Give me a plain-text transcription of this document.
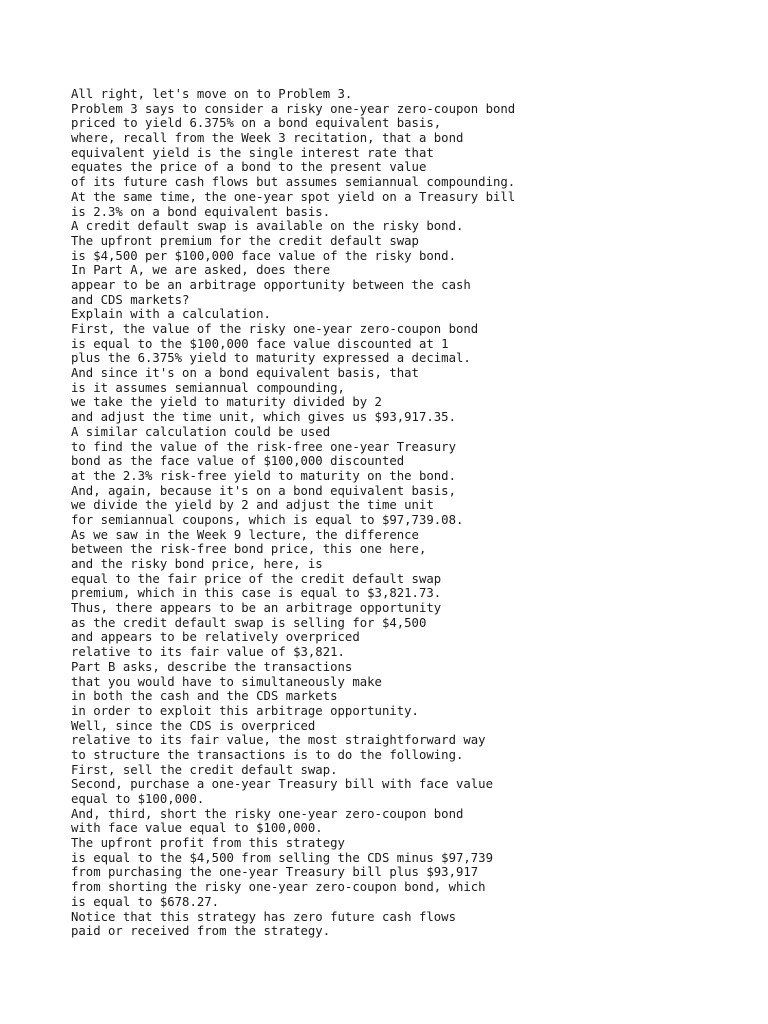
All right, let's move on to Problem 3.
Problem 3 says to consider a risky one-year zero-coupon bond
priced to yield 6.375% on a bond equivalent basis,
where, recall from the Week 3 recitation, that a bond
equivalent yield is the single interest rate that
equates the price of a bond to the present value
of its future cash flows but assumes semiannual compounding.
At the same time, the one-year spot yield on a Treasury bill
is 2.3% on a bond equivalent basis.
A credit default swap is available on the risky bond.
The upfront premium for the credit default swap
is $4,500 per $100,000 face value of the risky bond.
In Part A, we are asked, does there
appear to be an arbitrage opportunity between the cash
and CDS markets?
Explain with a calculation.
First, the value of the risky one-year zero-coupon bond
is equal to the $100,000 face value discounted at 1
plus the 6.375% yield to maturity expressed a decimal.
And since it's on a bond equivalent basis, that
is it assumes semiannual compounding,
we take the yield to maturity divided by 2
and adjust the time unit, which gives us $93,917.35.
A similar calculation could be used
to find the value of the risk-free one-year Treasury
bond as the face value of $100,000 discounted
at the 2.3% risk-free yield to maturity on the bond.
And, again, because it's on a bond equivalent basis,
we divide the yield by 2 and adjust the time unit
for semiannual coupons, which is equal to $97,739.08.
As we saw in the Week 9 lecture, the difference
between the risk-free bond price, this one here,
and the risky bond price, here, is
equal to the fair price of the credit default swap
premium, which in this case is equal to $3,821.73.
Thus, there appears to be an arbitrage opportunity
as the credit default swap is selling for $4,500
and appears to be relatively overpriced
relative to its fair value of $3,821.
Part B asks, describe the transactions
that you would have to simultaneously make
in both the cash and the CDS markets
in order to exploit this arbitrage opportunity.
Well, since the CDS is overpriced
relative to its fair value, the most straightforward way
to structure the transactions is to do the following.
First, sell the credit default swap.
Second, purchase a one-year Treasury bill with face value
equal to $100,000.
And, third, short the risky one-year zero-coupon bond
with face value equal to $100,000.
The upfront profit from this strategy
is equal to the $4,500 from selling the CDS minus $97,739
from purchasing the one-year Treasury bill plus $93,917
from shorting the risky one-year zero-coupon bond, which
is equal to $678.27.
Notice that this strategy has zero future cash flows
paid or received from the strategy.
